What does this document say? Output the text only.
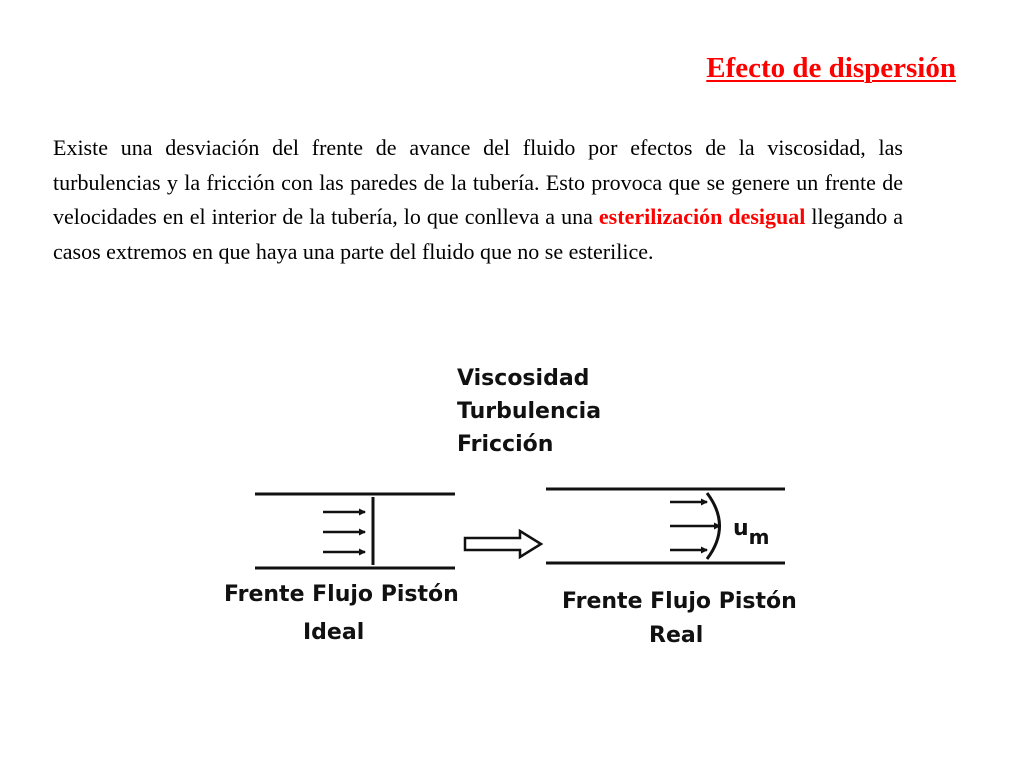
Efecto de dispersión

Existe una desviación del frente de avance del fluido por efectos de la viscosidad, las turbulencias y la fricción con las paredes de la tubería. Esto provoca que se genere un frente de velocidades en el interior de la tubería, lo que conlleva a una esterilización desigual llegando a casos extremos en que haya una parte del fluido que no se esterilice.

Viscosidad
Turbulencia
Fricción
um
Frente Flujo Pistón
Ideal
Frente Flujo Pistón
Real
